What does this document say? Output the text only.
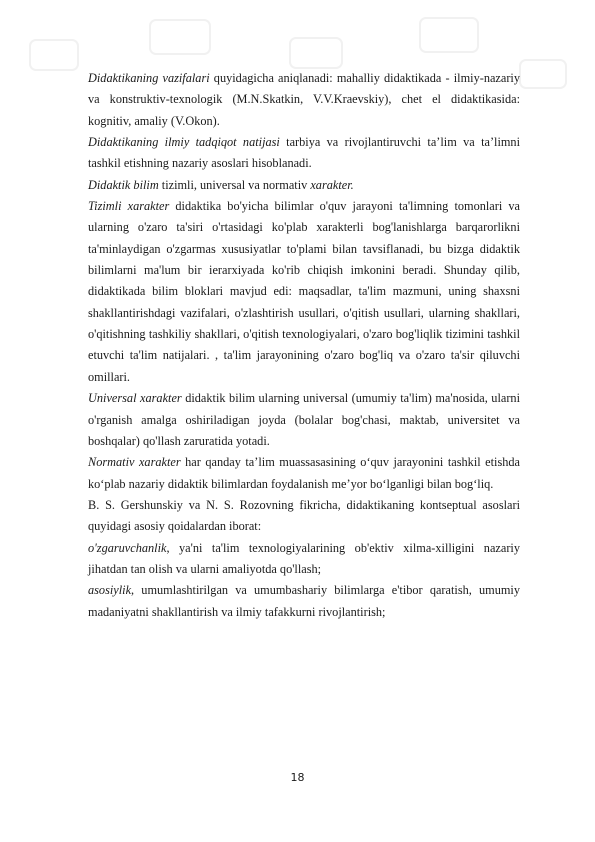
Didaktikaning vazifalari quyidagicha aniqlanadi: mahalliy didaktikada - ilmiy-nazariy va konstruktiv-texnologik (M.N.Skatkin, V.V.Kraevskiy), chet el didaktikasida: kognitiv, amaliy (V.Okon).

Didaktikaning ilmiy tadqiqot natijasi tarbiya va rivojlantiruvchi ta’lim va ta’limni tashkil etishning nazariy asoslari hisoblanadi.

Didaktik bilim tizimli, universal va normativ xarakter.

Tizimli xarakter didaktika bo'yicha bilimlar o'quv jarayoni ta'limning tomonlari va ularning o'zaro ta'siri o'rtasidagi ko'plab xarakterli bog'lanishlarga barqarorlikni ta'minlaydigan o'zgarmas xususiyatlar to'plami bilan tavsiflanadi, bu bizga didaktik bilimlarni ma'lum bir ierarxiyada ko'rib chiqish imkonini beradi. Shunday qilib, didaktikada bilim bloklari mavjud edi: maqsadlar, ta'lim mazmuni, uning shaxsni shakllantirishdagi vazifalari, o'zlashtirish usullari, o'qitish usullari, ularning shakllari, o'qitishning tashkiliy shakllari, o'qitish texnologiyalari, o'zaro bog'liqlik tizimini tashkil etuvchi ta'lim natijalari. , ta'lim jarayonining o'zaro bog'liq va o'zaro ta'sir qiluvchi omillari.

Universal xarakter didaktik bilim ularning universal (umumiy ta'lim) ma'nosida, ularni o'rganish amalga oshiriladigan joyda (bolalar bog'chasi, maktab, universitet va boshqalar) qo'llash zaruratida yotadi.

Normativ xarakter har qanday ta’lim muassasasining o‘quv jarayonini tashkil etishda ko‘plab nazariy didaktik bilimlardan foydalanish me’yor bo‘lganligi bilan bog‘liq.

B. S. Gershunskiy va N. S. Rozovning fikricha, didaktikaning kontseptual asoslari quyidagi asosiy qoidalardan iborat:

o'zgaruvchanlik, ya'ni ta'lim texnologiyalarining ob'ektiv xilma-xilligini nazariy jihatdan tan olish va ularni amaliyotda qo'llash;

asosiylik, umumlashtirilgan va umumbashariy bilimlarga e'tibor qaratish, umumiy madaniyatni shakllantirish va ilmiy tafakkurni rivojlantirish;

18
